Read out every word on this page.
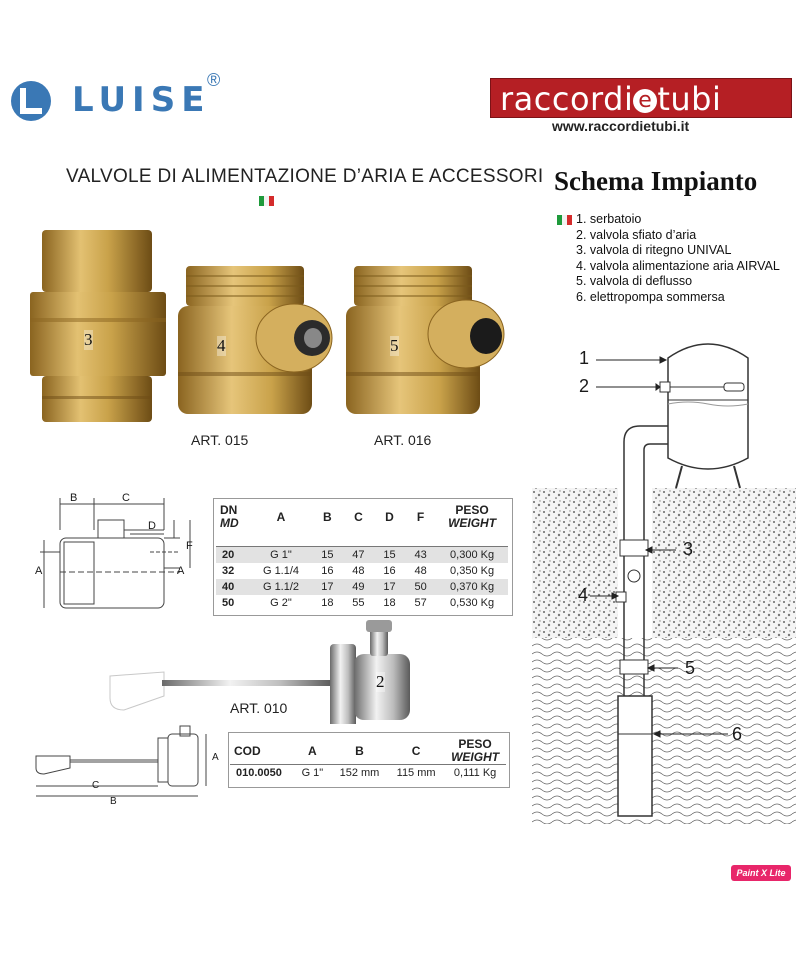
LUISE
®	raccordi e tubi
www.raccordietubi.it
VALVOLE DI ALIMENTAZIONE D’ARIA E ACCESSORI Schema Impianto
1. serbatoio
2. valvola sfiato d’aria
3. valvola di ritegno UNIVAL
4. valvola alimentazione aria AIRVAL
5. valvola di deflusso
6. elettropompa sommersa
3	4
ART. 015
5
ART. 016
2
ART. 010
B	C
D
F
A	A
DN
MD	A	B	C	D	F	PESO
WEIGHT

20	G 1"	15	47	15	43	0,300 Kg
32	G 1.1/4	16	48	16	48	0,350 Kg
40	G 1.1/2	17	49	17	50	0,370 Kg
50	G 2"	18	55	18	57	0,530 Kg
A
C
B
COD	A	B	C	PESO
WEIGHT
010.0050	G 1"	152 mm	115 mm	0,111 Kg
1
2
3
4
5
6
Paint X Lite
